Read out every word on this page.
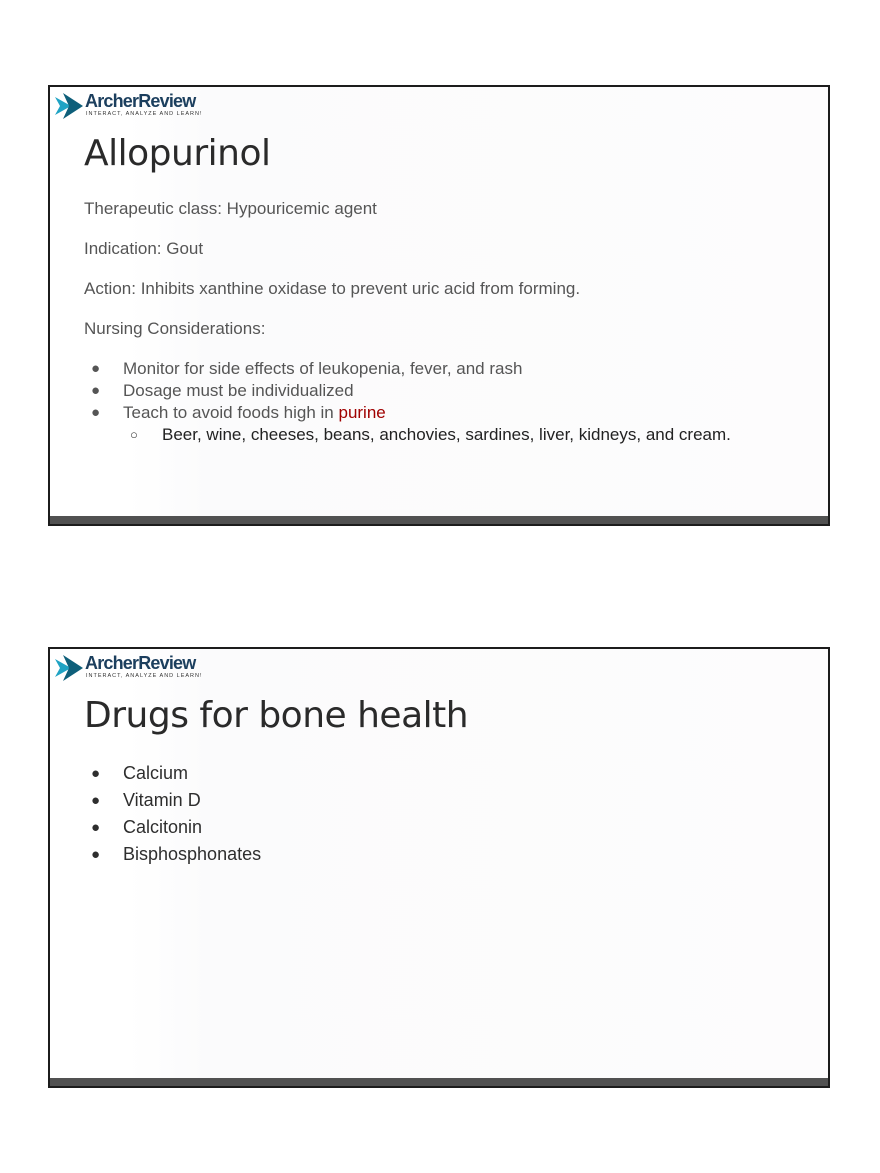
ArcherReview
INTERACT, ANALYZE AND LEARN!
Allopurinol

Therapeutic class: Hypouricemic agent

Indication: Gout

Action: Inhibits xanthine oxidase to prevent uric acid from forming.

Nursing Considerations:

● Monitor for side effects of leukopenia, fever, and rash
● Dosage must be individualized
● Teach to avoid foods high in purine
○ Beer, wine, cheeses, beans, anchovies, sardines, liver, kidneys, and cream.
ArcherReview
INTERACT, ANALYZE AND LEARN!
Drugs for bone health
● Calcium
● Vitamin D
● Calcitonin
● Bisphosphonates
